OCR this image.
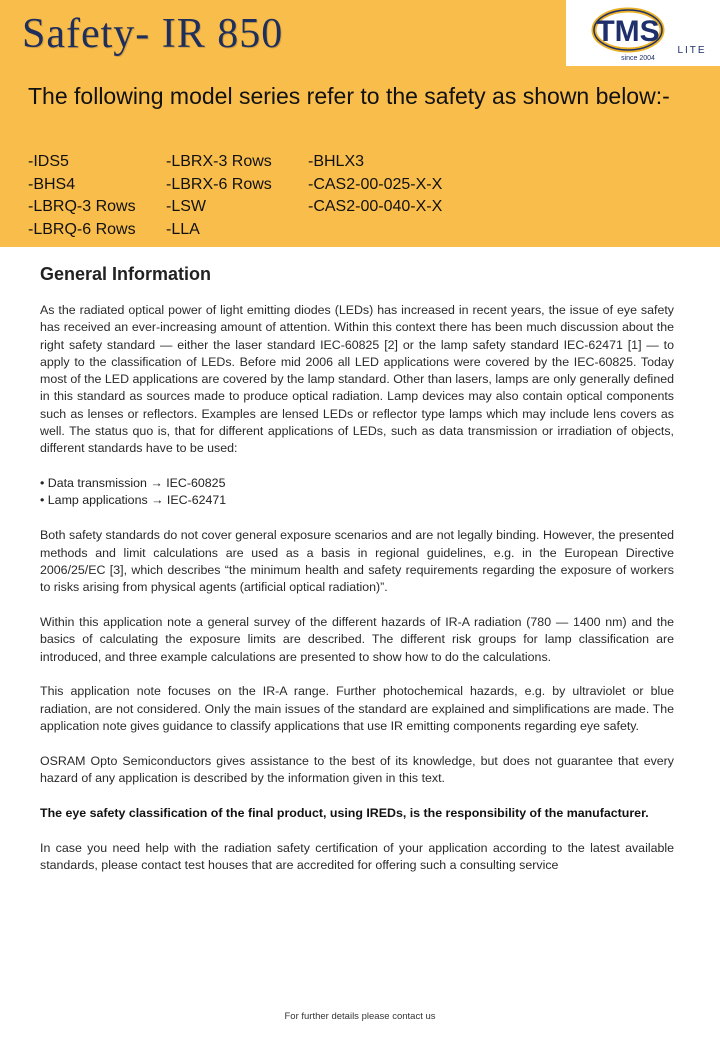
Safety- IR 850	TMS
LITE
since 2004

The following model series refer to the safety as shown below:-

-IDS5
-BHS4
-LBRQ-3 Rows
-LBRQ-6 Rows
-LBRX-3 Rows
-LBRX-6 Rows
-LSW
-LLA
-BHLX3
-CAS2-00-025-X-X
-CAS2-00-040-X-X
General Information

As the radiated optical power of light emitting diodes (LEDs) has increased in recent years, the issue of eye safety has received an ever-increasing amount of attention. Within this context there has been much discussion about the right safety standard — either the laser standard IEC-60825 [2] or the lamp safety standard IEC-62471 [1] — to apply to the classification of LEDs. Before mid 2006 all LED applications were covered by the IEC-60825. Today most of the LED applications are covered by the lamp standard. Other than lasers, lamps are only generally defined in this standard as sources made to produce optical radiation. Lamp devices may also contain optical components such as lenses or reflectors. Examples are lensed LEDs or reflector type lamps which may include lens covers as well. The status quo is, that for different applications of LEDs, such as data transmission or irradiation of objects, different standards have to be used:

• Data transmission → IEC-60825
• Lamp applications → IEC-62471

Both safety standards do not cover general exposure scenarios and are not legally binding. However, the presented methods and limit calculations are used as a basis in regional guidelines, e.g. in the European Directive 2006/25/EC [3], which describes “the minimum health and safety requirements regarding the exposure of workers to risks arising from physical agents (artificial optical radiation)”.

Within this application note a general survey of the different hazards of IR-A radiation (780 — 1400 nm) and the basics of calculating the exposure limits are described. The different risk groups for lamp classification are introduced, and three example calculations are presented to show how to do the calculations.

This application note focuses on the IR-A range. Further photochemical hazards, e.g. by ultraviolet or blue radiation, are not considered. Only the main issues of the standard are explained and simplifications are made. The application note gives guidance to classify applications that use IR emitting components regarding eye safety.

OSRAM Opto Semiconductors gives assistance to the best of its knowledge, but does not guarantee that every hazard of any application is described by the information given in this text.

The eye safety classification of the final product, using IREDs, is the responsibility of the manufacturer.

In case you need help with the radiation safety certification of your application according to the latest available standards, please contact test houses that are accredited for offering such a consulting service

For further details please contact us
